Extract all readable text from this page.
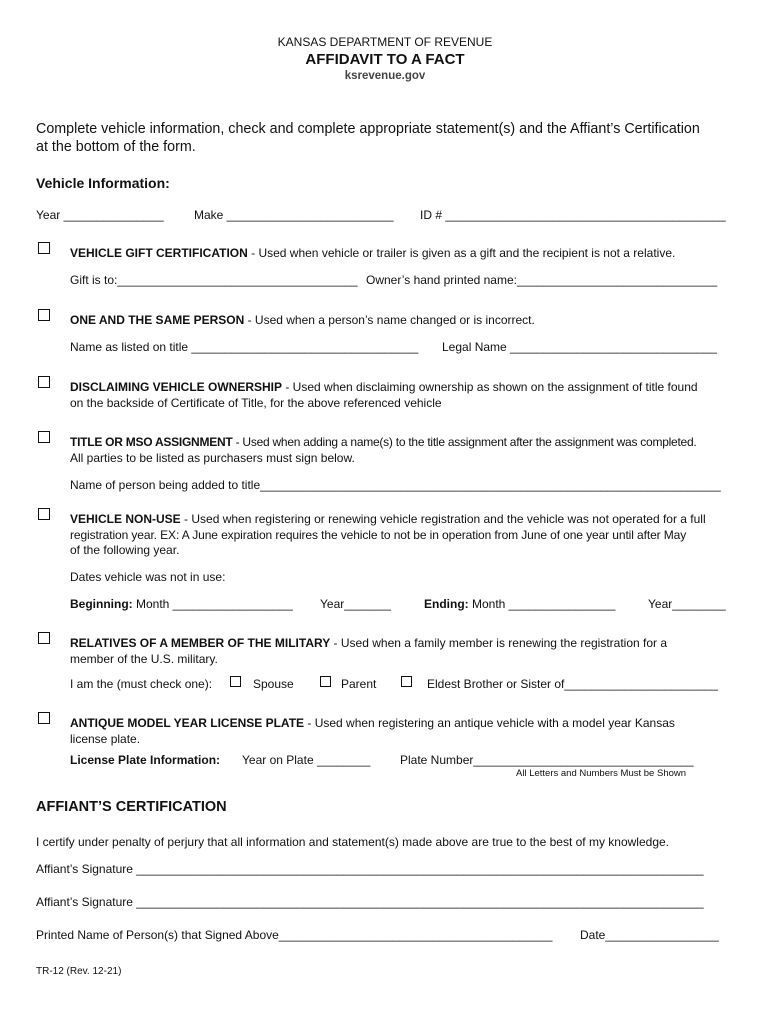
KANSAS DEPARTMENT OF REVENUE
AFFIDAVIT TO A FACT
ksrevenue.gov
Complete vehicle information, check and complete appropriate statement(s) and the Affiant’s Certification
at the bottom of the form.
Vehicle Information:
Year _______________	Make _________________________ ID # __________________________________________
VEHICLE GIFT CERTIFICATION - Used when vehicle or trailer is given as a gift and the recipient is not a relative.
Gift is to:____________________________________ Owner’s hand printed name:______________________________
ONE AND THE SAME PERSON - Used when a person’s name changed or is incorrect.
Name as listed on title __________________________________ Legal Name _______________________________
DISCLAIMING VEHICLE OWNERSHIP - Used when disclaiming ownership as shown on the assignment of title found
on the backside of Certificate of Title, for the above referenced vehicle
TITLE OR MSO ASSIGNMENT - Used when adding a name(s) to the title assignment after the assignment was completed.
All parties to be listed as purchasers must sign below.
Name of person being added to title_____________________________________________________________________
VEHICLE NON-USE - Used when registering or renewing vehicle registration and the vehicle was not operated for a full
registration year. EX: A June expiration requires the vehicle to not be in operation from June of one year until after May
of the following year.
Dates vehicle was not in use:
Beginning: Month __________________ Year_______	Ending: Month ________________	Year________
RELATIVES OF A MEMBER OF THE MILITARY - Used when a family member is renewing the registration for a
member of the U.S. military.
I am the (must check one):	Spouse	Parent	Eldest Brother or Sister of_______________________
ANTIQUE MODEL YEAR LICENSE PLATE - Used when registering an antique vehicle with a model year Kansas
license plate.
License Plate Information: Year on Plate ________ Plate Number_________________________________
All Letters and Numbers Must be Shown
AFFIANT’S CERTIFICATION
I certify under penalty of perjury that all information and statement(s) made above are true to the best of my knowledge.
Affiant’s Signature _____________________________________________________________________________________
Affiant’s Signature _____________________________________________________________________________________
Printed Name of Person(s) that Signed Above_________________________________________ Date_________________
TR-12 (Rev. 12-21)
